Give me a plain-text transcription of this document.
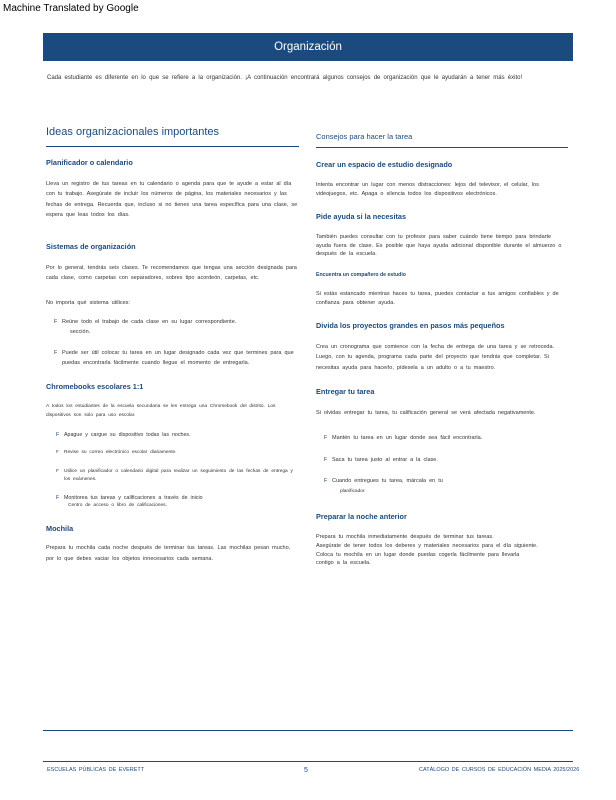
Machine Translated by Google
Organización
Cada estudiante es diferente en lo que se refiere a la organización. ¡A continuación encontrará algunos consejos de organización que le ayudarán a tener más éxito!
Ideas organizacionales importantes
Planificador o calendario
Lleva un registro de tus tareas en tu calendario o agenda para que te ayude a estar al día con tu trabajo. Asegúrate de incluir los números de página, los materiales necesarios y las fechas de entrega. Recuerda que, incluso si no tienes una tarea específica para una clase, se espera que leas todos los días.
Sistemas de organización
Por lo general, tendrás seis clases. Te recomendamos que tengas una sección designada para cada clase, como carpetas con separadores, sobres tipo acordeón, carpetas, etc.
No importa qué sistema utilices:
F Reúne todo el trabajo de cada clase en su lugar correspondiente.
sección.
F Puede ser útil colocar tu tarea en un lugar designado cada vez que termines para que puedas encontrarla fácilmente cuando llegue el momento de entregarla.
Chromebooks escolares 1:1
A todos los estudiantes de la escuela secundaria se les entrega una Chromebook del distrito. Los dispositivos son solo para uso escolar.
F Apague y cargue su dispositivo todas las noches.
F	Revise su correo electrónico escolar diariamente.
F	Utilice un planificador o calendario digital para realizar un seguimiento de las fechas de entrega y los exámenes.
F Monitorea tus tareas y calificaciones a través de inicio
Centro de acceso o libro de calificaciones.
Mochila
Prepara tu mochila cada noche después de terminar tus tareas. Las mochilas pesan mucho, por lo que debes vaciar los objetos innecesarios cada semana.
Consejos para hacer la tarea
Crear un espacio de estudio designado
Intenta encontrar un lugar con menos distracciones: lejos del televisor, el celular, los videojuegos, etc. Apaga o silencia todos los dispositivos electrónicos.
Pide ayuda si la necesitas
También puedes consultar con tu profesor para saber cuándo tiene tiempo para brindarte ayuda fuera de clase. Es posible que haya ayuda adicional disponible durante el almuerzo o después de la escuela.
Encuentra un compañero de estudio
Si estás estancado mientras haces tu tarea, puedes contactar a tus amigos confiables y de confianza para obtener ayuda.
Divida los proyectos grandes en pasos más pequeños
Crea un cronograma que comience con la fecha de entrega de una tarea y se retroceda. Luego, con tu agenda, programa cada parte del proyecto que tendrás que completar. Si necesitas ayuda para hacerlo, pídesela a un adulto o a tu maestro.
Entregar tu tarea
Si olvidas entregar tu tarea, tu calificación general se verá afectada negativamente.
F Mantén tu tarea en un lugar donde sea fácil encontrarla.
F Saca tu tarea justo al entrar a la clase.
F Cuando entregues tu tarea, márcala en tu
planificador.
Preparar la noche anterior
Prepara tu mochila inmediatamente después de terminar tus tareas.
Asegúrate de tener todos los deberes y materiales necesarios para el día siguiente.
Coloca tu mochila en un lugar donde puedas cogerla fácilmente para llevarla
contigo a la escuela.
ESCUELAS PÚBLICAS DE EVERETT	5	CATÁLOGO DE CURSOS DE EDUCACIÓN MEDIA 2025/2026
